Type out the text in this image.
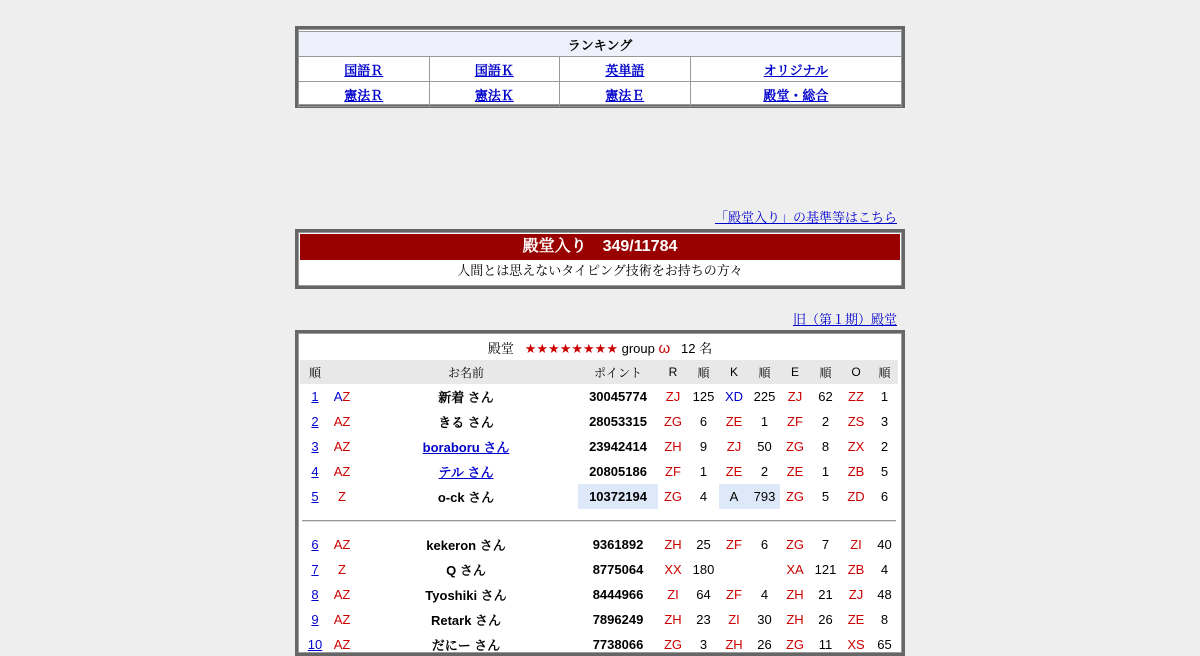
ランキング			
国語Ｒ	国語Ｋ	英単語	オリジナル
憲法Ｒ	憲法Ｋ	憲法Ｅ	殿堂・総合
「殿堂入り」の基準等はこちら
殿堂入り　349/11784
人間とは思えないタイピング技術をお持ちの方々
旧（第１期）殿堂
殿堂 ★★★★★★★★ group ω 12 名
順		お名前	ポイント	R	順	K	順	E	順	O	順
1	AZ	新着 さん	30045774	ZJ	125	XD	225	ZJ	62	ZZ	1
2	AZ	きる さん	28053315	ZG	6	ZE	1	ZF	2	ZS	3
3	AZ	boraboru さん	23942414	ZH	9	ZJ	50	ZG	8	ZX	2
4	AZ	テル さん	20805186	ZF	1	ZE	2	ZE	1	ZB	5
5	Z	o-ck さん	10372194	ZG	4	A	793	ZG	5	ZD	6

6	AZ	kekeron さん	9361892	ZH	25	ZF	6	ZG	7	ZI	40
7	Z	Q さん	8775064	XX	180			XA	121	ZB	4
8	AZ	Tyoshiki さん	8444966	ZI	64	ZF	4	ZH	21	ZJ	48
9	AZ	Retark さん	7896249	ZH	23	ZI	30	ZH	26	ZE	8
10	AZ	だにー さん	7738066	ZG	3	ZH	26	ZG	11	XS	65
